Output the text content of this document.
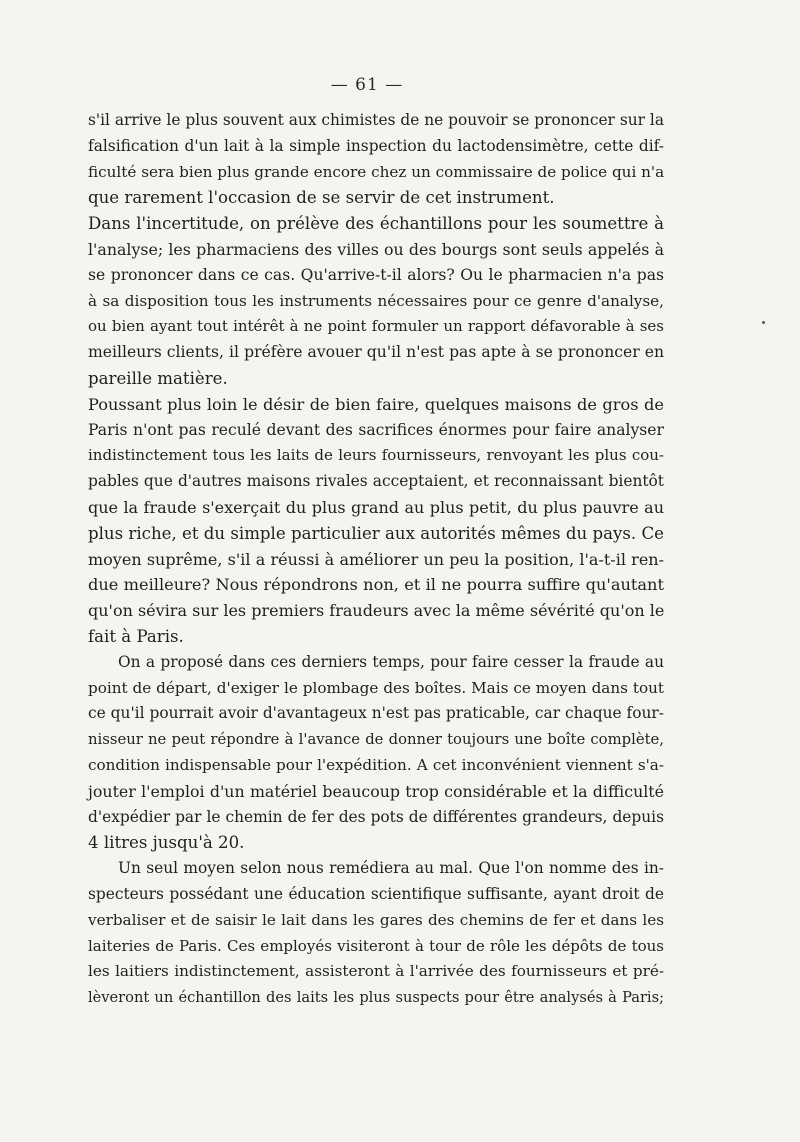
— 61 —
s'il arrive le plus souvent aux chimistes de ne pouvoir se prononcer sur la
falsification d'un lait à la simple inspection du lactodensimètre, cette dif-
ficulté sera bien plus grande encore chez un commissaire de police qui n'a
que rarement l'occasion de se servir de cet instrument.
Dans l'incertitude, on prélève des échantillons pour les soumettre à
l'analyse; les pharmaciens des villes ou des bourgs sont seuls appelés à
se prononcer dans ce cas. Qu'arrive-t-il alors? Ou le pharmacien n'a pas
à sa disposition tous les instruments nécessaires pour ce genre d'analyse,
ou bien ayant tout intérêt à ne point formuler un rapport défavorable à ses
meilleurs clients, il préfère avouer qu'il n'est pas apte à se prononcer en
pareille matière.
Poussant plus loin le désir de bien faire, quelques maisons de gros de
Paris n'ont pas reculé devant des sacrifices énormes pour faire analyser
indistinctement tous les laits de leurs fournisseurs, renvoyant les plus cou-
pables que d'autres maisons rivales acceptaient, et reconnaissant bientôt
que la fraude s'exerçait du plus grand au plus petit, du plus pauvre au
plus riche, et du simple particulier aux autorités mêmes du pays. Ce
moyen suprême, s'il a réussi à améliorer un peu la position, l'a-t-il ren-
due meilleure? Nous répondrons non, et il ne pourra suffire qu'autant
qu'on sévira sur les premiers fraudeurs avec la même sévérité qu'on le
fait à Paris.
On a proposé dans ces derniers temps, pour faire cesser la fraude au
point de départ, d'exiger le plombage des boîtes. Mais ce moyen dans tout
ce qu'il pourrait avoir d'avantageux n'est pas praticable, car chaque four-
nisseur ne peut répondre à l'avance de donner toujours une boîte complète,
condition indispensable pour l'expédition. A cet inconvénient viennent s'a-
jouter l'emploi d'un matériel beaucoup trop considérable et la difficulté
d'expédier par le chemin de fer des pots de différentes grandeurs, depuis
4 litres jusqu'à 20.
Un seul moyen selon nous remédiera au mal. Que l'on nomme des in-
specteurs possédant une éducation scientifique suffisante, ayant droit de
verbaliser et de saisir le lait dans les gares des chemins de fer et dans les
laiteries de Paris. Ces employés visiteront à tour de rôle les dépôts de tous
les laitiers indistinctement, assisteront à l'arrivée des fournisseurs et pré-
lèveront un échantillon des laits les plus suspects pour être analysés à Paris;
